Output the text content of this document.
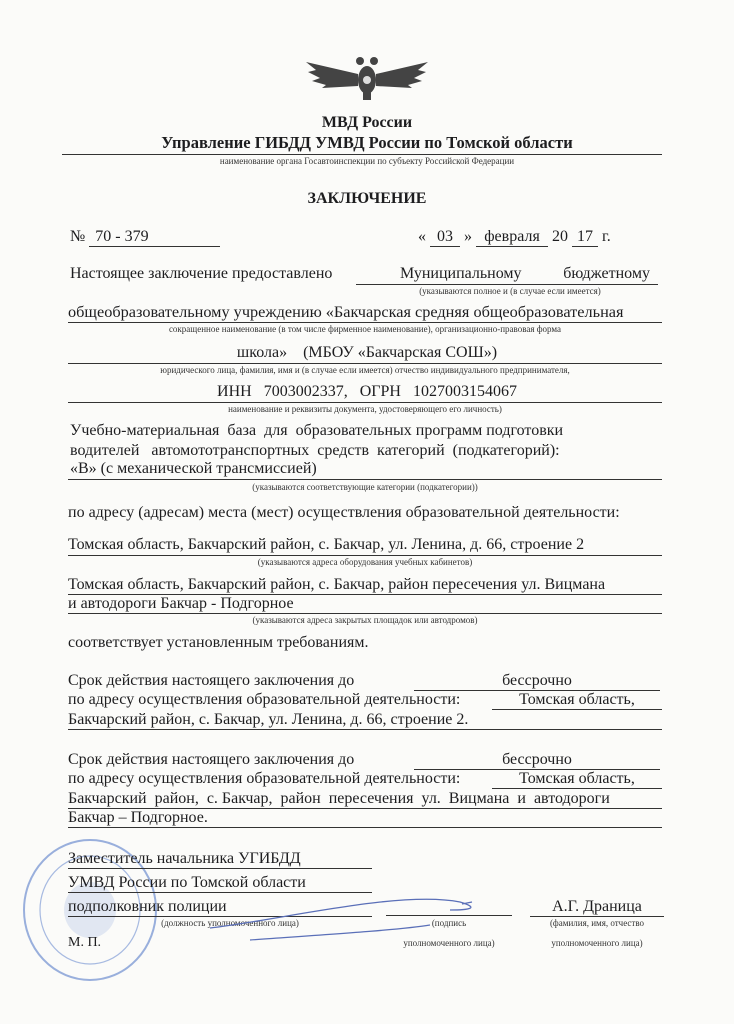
МВД России
Управление ГИБДД УМВД России по Томской области
наименование органа Госавтоинспекции по субъекту Российской Федерации
ЗАКЛЮЧЕНИЕ
№ 70 - 379	« 03 » февраля 20 17 г.
Настоящее заключение предоставлено	Муниципальному	бюджетному
(указываются полное и (в случае если имеется)
общеобразовательному учреждению «Бакчарская средняя общеобразовательная
сокращенное наименование (в том числе фирменное наименование), организационно-правовая форма
школа»    (МБОУ «Бакчарская СОШ»)
юридического лица, фамилия, имя и (в случае если имеется) отчество индивидуального предпринимателя,
ИНН   7003002337,   ОГРН   1027003154067
наименование и реквизиты документа, удостоверяющего его личность)
Учебно-материальная  база  для  образовательных программ подготовки
водителей   автомототранспортных  средств  категорий  (подкатегорий):
«В» (с механической трансмиссией)
(указываются соответствующие категории (подкатегории))
по адресу (адресам) места (мест) осуществления образовательной деятельности:
Томская область, Бакчарский район, с. Бакчар, ул. Ленина, д. 66, строение 2
(указываются адреса оборудования учебных кабинетов)
Томская область, Бакчарский район, с. Бакчар, район пересечения ул. Вицмана
и автодороги Бакчар - Подгорное
(указываются адреса закрытых площадок или автодромов)
соответствует установленным требованиям.
Срок действия настоящего заключения до	бессрочно
по адресу осуществления образовательной деятельности:	Томская область,
Бакчарский район, с. Бакчар, ул. Ленина, д. 66, строение 2.
Срок действия настоящего заключения до	бессрочно
по адресу осуществления образовательной деятельности:	Томская область,
Бакчарский  район,  с. Бакчар,  район  пересечения  ул.  Вицмана  и  автодороги
Бакчар – Подгорное.
Заместитель начальника УГИБДД
УМВД России по Томской области
подполковник полиции
(должность уполномоченного лица)
М. П.
(подпись
уполномоченного лица)
А.Г. Драница
(фамилия, имя, отчество
уполномоченного лица)
